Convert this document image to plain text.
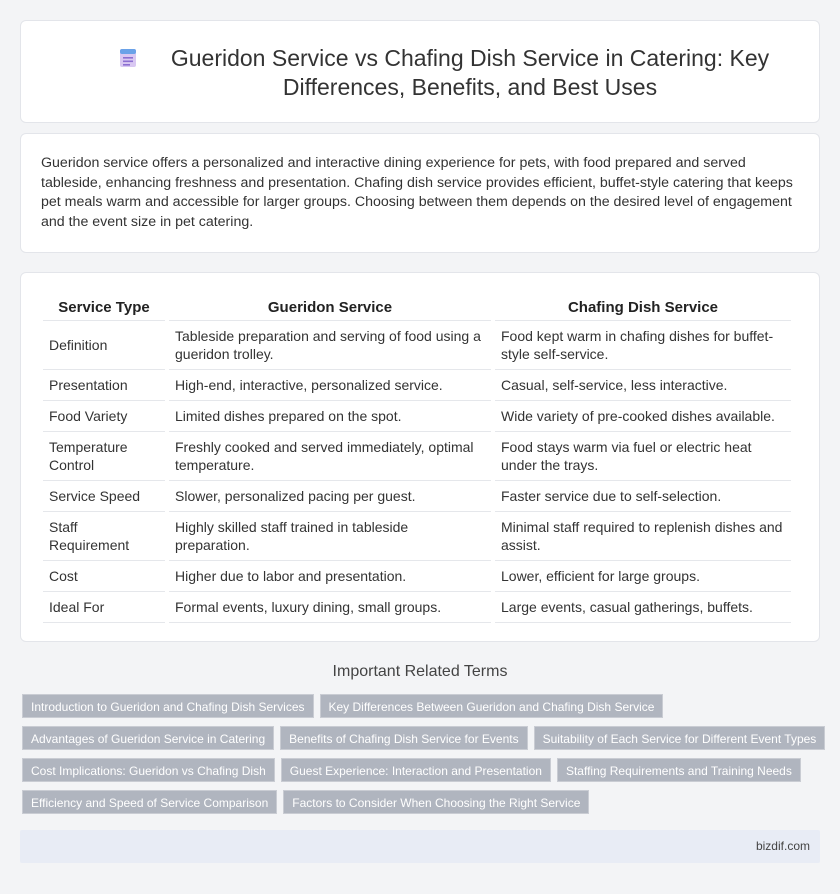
Gueridon Service vs Chafing Dish Service in Catering: Key Differences, Benefits, and Best Uses

Gueridon service offers a personalized and interactive dining experience for pets, with food prepared and served tableside, enhancing freshness and presentation. Chafing dish service provides efficient, buffet-style catering that keeps pet meals warm and accessible for larger groups. Choosing between them depends on the desired level of engagement and the event size in pet catering.

Service Type	Gueridon Service	Chafing Dish Service
Definition	Tableside preparation and serving of food using a gueridon trolley.	Food kept warm in chafing dishes for buffet-style self-service.
Presentation	High-end, interactive, personalized service.	Casual, self-service, less interactive.
Food Variety	Limited dishes prepared on the spot.	Wide variety of pre-cooked dishes available.
Temperature Control	Freshly cooked and served immediately, optimal temperature.	Food stays warm via fuel or electric heat under the trays.
Service Speed	Slower, personalized pacing per guest.	Faster service due to self-selection.
Staff Requirement	Highly skilled staff trained in tableside preparation.	Minimal staff required to replenish dishes and assist.
Cost	Higher due to labor and presentation.	Lower, efficient for large groups.
Ideal For	Formal events, luxury dining, small groups.	Large events, casual gatherings, buffets.
Important Related Terms
Introduction to Gueridon and Chafing Dish Services	Key Differences Between Gueridon and Chafing Dish Service
Advantages of Gueridon Service in Catering	Benefits of Chafing Dish Service for Events	Suitability of Each Service for Different Event Types
Cost Implications: Gueridon vs Chafing Dish	Guest Experience: Interaction and Presentation	Staffing Requirements and Training Needs
Efficiency and Speed of Service Comparison	Factors to Consider When Choosing the Right Service
bizdif.com
